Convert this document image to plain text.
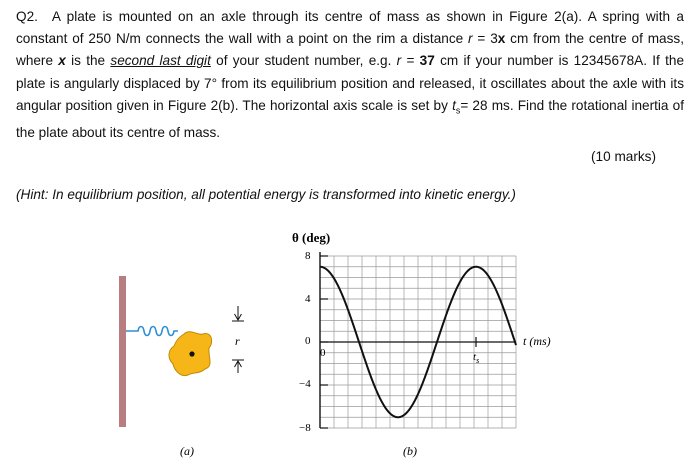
Q2. A plate is mounted on an axle through its centre of mass as shown in Figure 2(a). A spring with a constant of 250 N/m connects the wall with a point on the rim a distance r = 3x cm from the centre of mass, where x is the second last digit of your student number, e.g. r = 37 cm if your number is 12345678A. If the plate is angularly displaced by 7° from its equilibrium position and released, it oscillates about the axle with its angular position given in Figure 2(b). The horizontal axis scale is set by $t_s= 28$ ms. Find the rotational inertia of the plate about its centre of mass.
(10 marks)
(Hint: In equilibrium position, all potential energy is transformed into kinetic energy.)
r
(a)
θ (deg)
t (ms)
8
4
0
−4
−8
0	$t_s$
(b)
